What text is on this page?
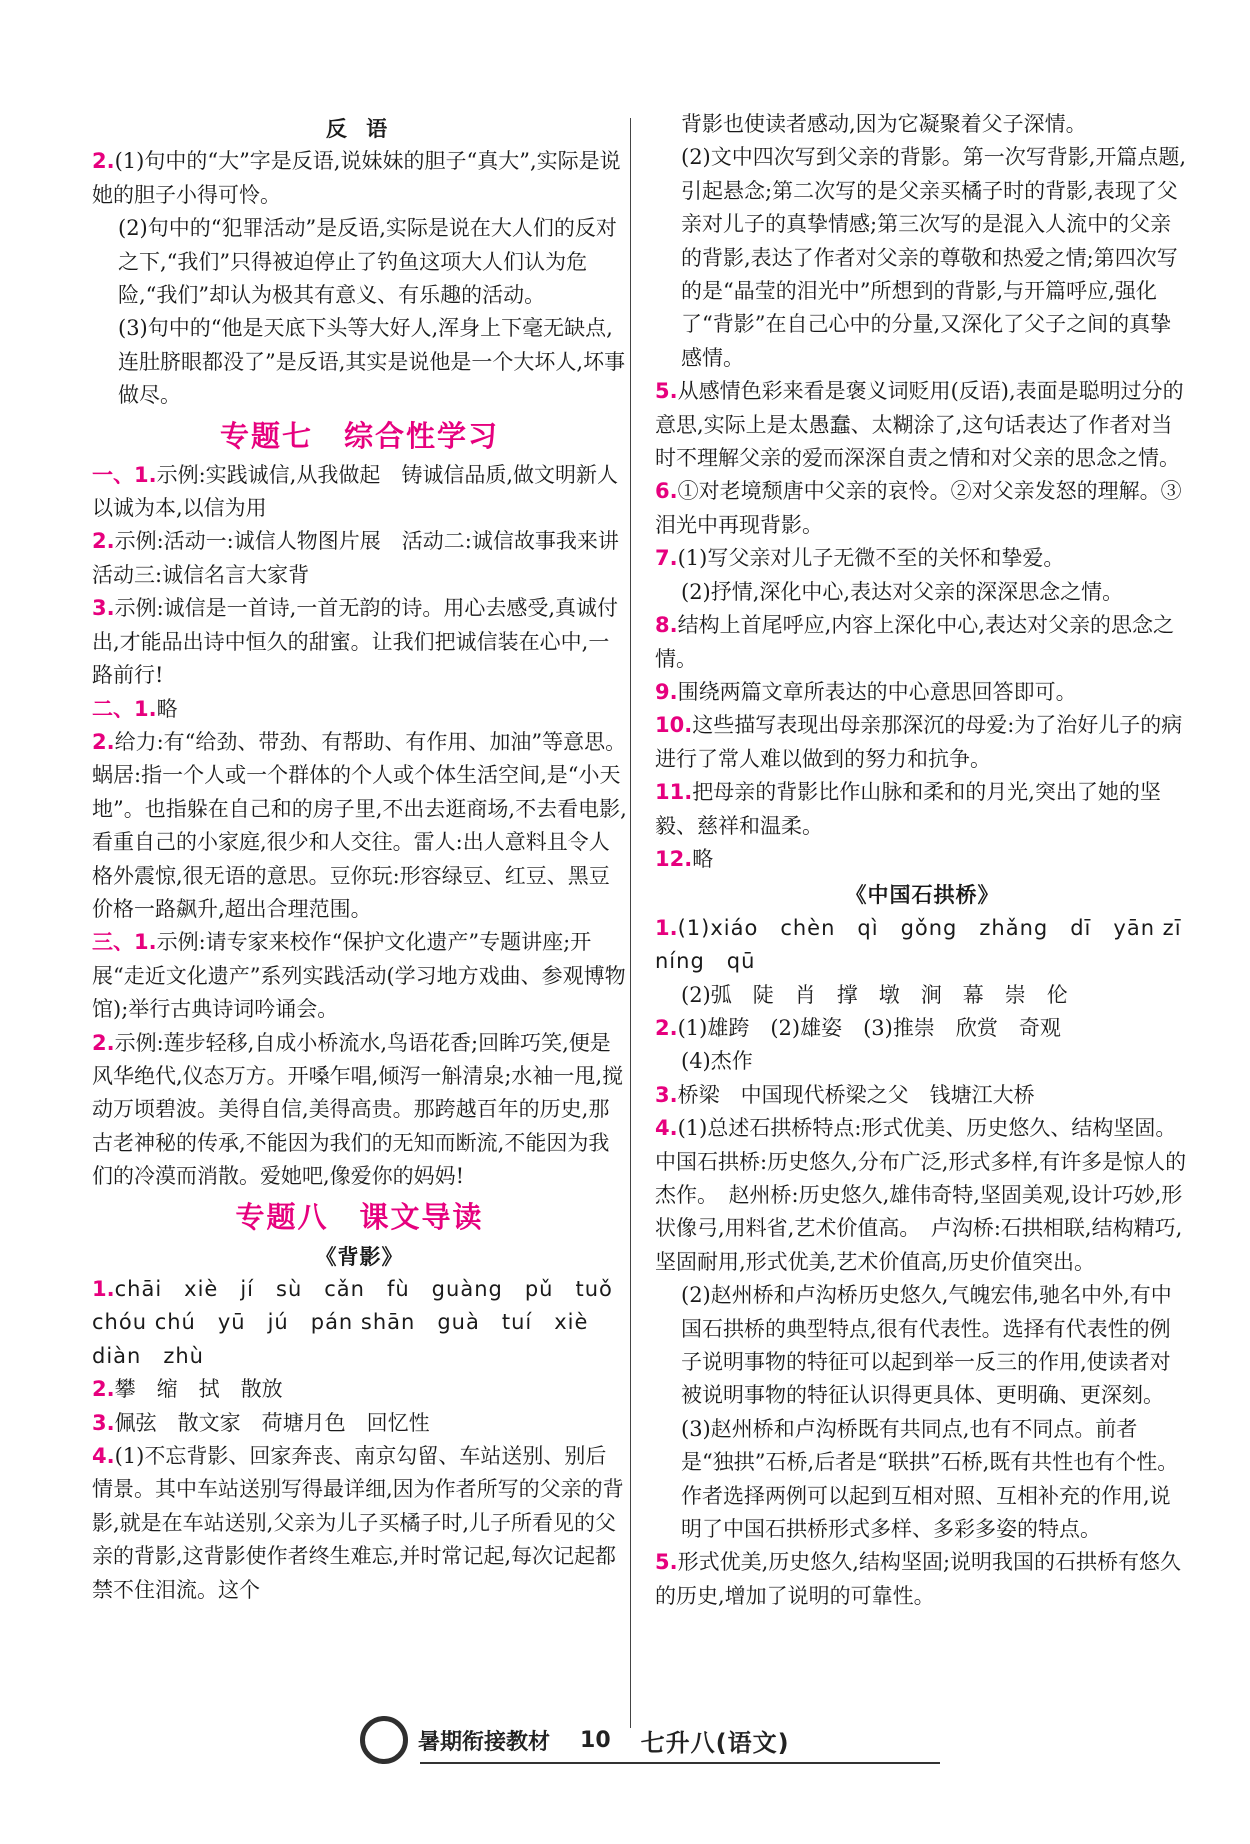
反 语
2.(1)句中的“大”字是反语,说妹妹的胆子“真大”,实际是说她的胆子小得可怜。
(2)句中的“犯罪活动”是反语,实际是说在大人们的反对之下,“我们”只得被迫停止了钓鱼这项大人们认为危险,“我们”却认为极其有意义、有乐趣的活动。
(3)句中的“他是天底下头等大好人,浑身上下毫无缺点,连肚脐眼都没了”是反语,其实是说他是一个大坏人,坏事做尽。
专题七　综合性学习
一、1.示例:实践诚信,从我做起　铸诚信品质,做文明新人　以诚为本,以信为用
2.示例:活动一:诚信人物图片展　活动二:诚信故事我来讲　活动三:诚信名言大家背
3.示例:诚信是一首诗,一首无韵的诗。用心去感受,真诚付出,才能品出诗中恒久的甜蜜。让我们把诚信装在心中,一路前行!
二、1.略
2.给力:有“给劲、带劲、有帮助、有作用、加油”等意思。蜗居:指一个人或一个群体的个人或个体生活空间,是“小天地”。也指躲在自己和的房子里,不出去逛商场,不去看电影,看重自己的小家庭,很少和人交往。雷人:出人意料且令人格外震惊,很无语的意思。豆你玩:形容绿豆、红豆、黑豆价格一路飙升,超出合理范围。
三、1.示例:请专家来校作“保护文化遗产”专题讲座;开展“走近文化遗产”系列实践活动(学习地方戏曲、参观博物馆);举行古典诗词吟诵会。
2.示例:莲步轻移,自成小桥流水,鸟语花香;回眸巧笑,便是风华绝代,仪态万方。开嗓乍唱,倾泻一斛清泉;水袖一甩,搅动万顷碧波。美得自信,美得高贵。那跨越百年的历史,那古老神秘的传承,不能因为我们的无知而断流,不能因为我们的冷漠而消散。爱她吧,像爱你的妈妈!
专题八　课文导读
《背影》
1.chāi　xiè　jí　sù　cǎn　fù　guàng　pǔ　tuǒ chóu chú　yū　jú　pán shān　guà　tuí　xiè diàn　zhù
2.攀　缩　拭　散放
3.佩弦　散文家　荷塘月色　回忆性
4.(1)不忘背影、回家奔丧、南京勾留、车站送别、别后情景。其中车站送别写得最详细,因为作者所写的父亲的背影,就是在车站送别,父亲为儿子买橘子时,儿子所看见的父亲的背影,这背影使作者终生难忘,并时常记起,每次记起都禁不住泪流。这个
背影也使读者感动,因为它凝聚着父子深情。
(2)文中四次写到父亲的背影。第一次写背影,开篇点题,引起悬念;第二次写的是父亲买橘子时的背影,表现了父亲对儿子的真挚情感;第三次写的是混入人流中的父亲的背影,表达了作者对父亲的尊敬和热爱之情;第四次写的是“晶莹的泪光中”所想到的背影,与开篇呼应,强化了“背影”在自己心中的分量,又深化了父子之间的真挚感情。
5.从感情色彩来看是褒义词贬用(反语),表面是聪明过分的意思,实际上是太愚蠢、太糊涂了,这句话表达了作者对当时不理解父亲的爱而深深自责之情和对父亲的思念之情。
6.①对老境颓唐中父亲的哀怜。②对父亲发怒的理解。③泪光中再现背影。
7.(1)写父亲对儿子无微不至的关怀和挚爱。
(2)抒情,深化中心,表达对父亲的深深思念之情。
8.结构上首尾呼应,内容上深化中心,表达对父亲的思念之情。
9.围绕两篇文章所表达的中心意思回答即可。
10.这些描写表现出母亲那深沉的母爱:为了治好儿子的病进行了常人难以做到的努力和抗争。
11.把母亲的背影比作山脉和柔和的月光,突出了她的坚毅、慈祥和温柔。
12.略
《中国石拱桥》
1.(1)xiáo　chèn　qì　gǒng　zhǎng　dī　yān zī　níng　qū
(2)弧　陡　肖　撑　墩　涧　幕　崇　伦
2.(1)雄跨　(2)雄姿　(3)推崇　欣赏　奇观
(4)杰作
3.桥梁　中国现代桥梁之父　钱塘江大桥
4.(1)总述石拱桥特点:形式优美、历史悠久、结构坚固。　中国石拱桥:历史悠久,分布广泛,形式多样,有许多是惊人的杰作。　赵州桥:历史悠久,雄伟奇特,坚固美观,设计巧妙,形状像弓,用料省,艺术价值高。　卢沟桥:石拱相联,结构精巧,坚固耐用,形式优美,艺术价值高,历史价值突出。
(2)赵州桥和卢沟桥历史悠久,气魄宏伟,驰名中外,有中国石拱桥的典型特点,很有代表性。选择有代表性的例子说明事物的特征可以起到举一反三的作用,使读者对被说明事物的特征认识得更具体、更明确、更深刻。　(3)赵州桥和卢沟桥既有共同点,也有不同点。前者是“独拱”石桥,后者是“联拱”石桥,既有共性也有个性。作者选择两例可以起到互相对照、互相补充的作用,说明了中国石拱桥形式多样、多彩多姿的特点。
5.形式优美,历史悠久,结构坚固;说明我国的石拱桥有悠久的历史,增加了说明的可靠性。
暑期衔接教材 10 七升八(语文)
